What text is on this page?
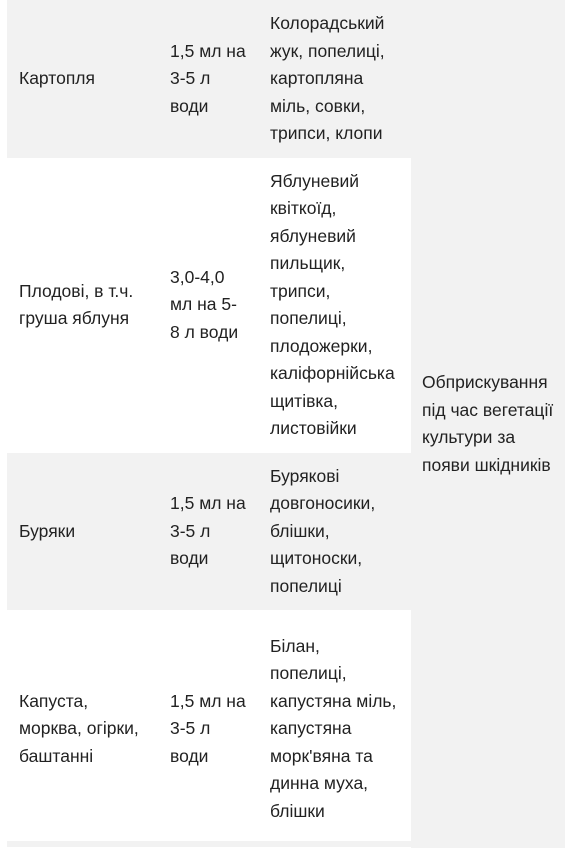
Картопля	1,5 мл на 3-5 л води	Колорадський жук, попелиці, картопляна міль, совки, трипси, клопи	Обприскування під час вегетації культури за появи шкідників

Плодові, в т.ч. груша яблуня	3,0-4,0 мл на 5-8 л води	Яблуневий квіткоїд, яблуневий пильщик, трипси, попелиці, плодожерки, каліфорнійська щитівка, листовійки	

Буряки	1,5 мл на 3-5 л води	Бурякові довгоносики, блішки, щитоноски, попелиці	

Капуста, морква, огірки, баштанні	1,5 мл на 3-5 л води	Білан, попелиці, капустяна міль, капустяна морк'вяна та динна муха, блішки	
